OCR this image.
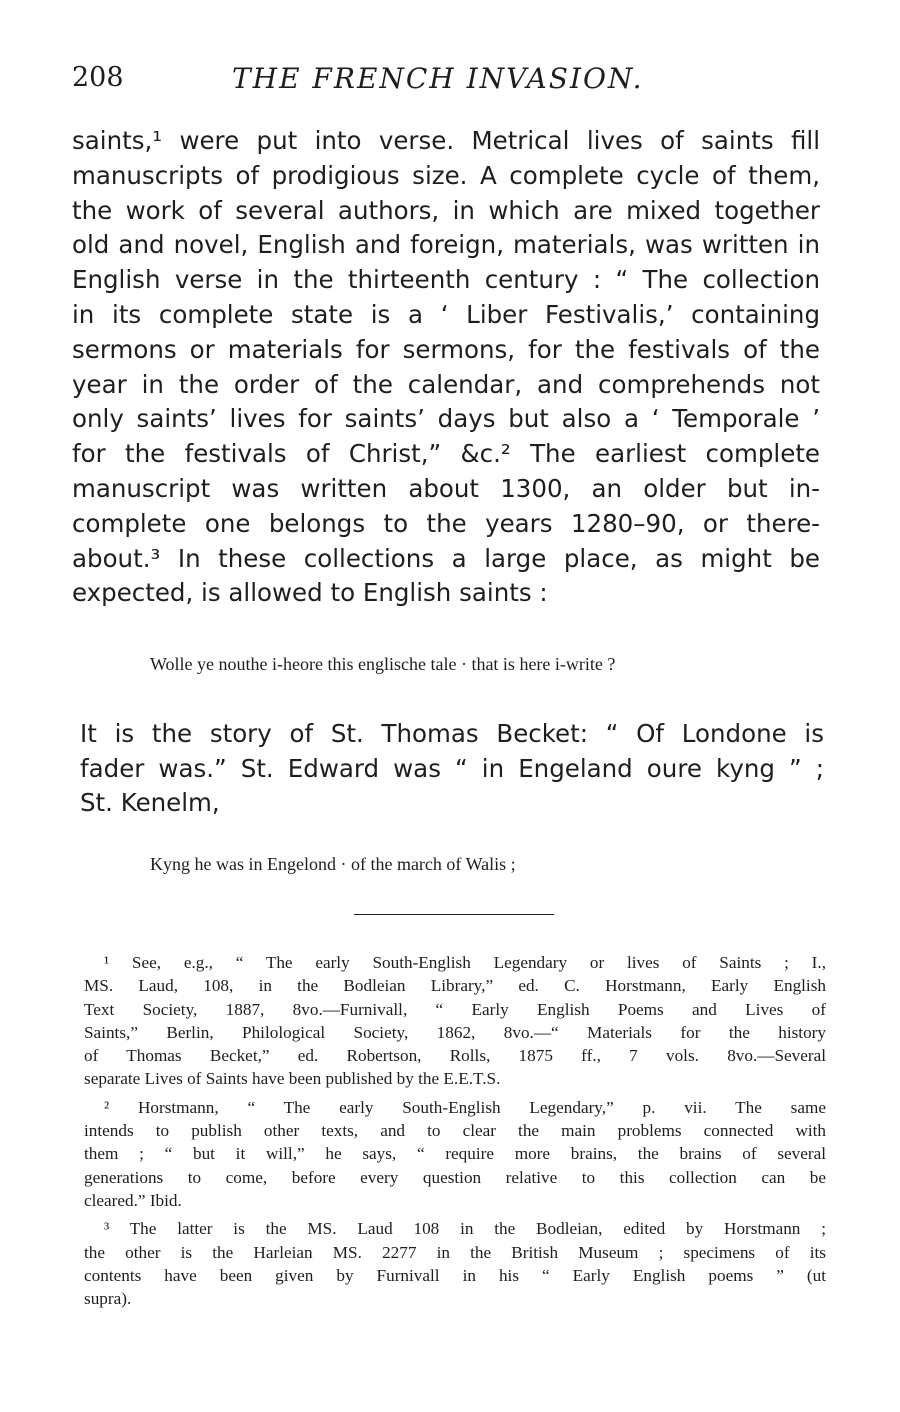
208	THE FRENCH INVASION.
saints,¹ were put into verse. Metrical lives of saints fill
manuscripts of prodigious size. A complete cycle of them,
the work of several authors, in which are mixed together
old and novel, English and foreign, materials, was written in
English verse in the thirteenth century : “ The collection
in its complete state is a ‘ Liber Festivalis,’ containing
sermons or materials for sermons, for the festivals of the
year in the order of the calendar, and comprehends not
only saints’ lives for saints’ days but also a ‘ Temporale ’
for the festivals of Christ,” &c.² The earliest complete
manuscript was written about 1300, an older but in-
complete one belongs to the years 1280–90, or there-
about.³ In these collections a large place, as might be
expected, is allowed to English saints :
Wolle ye nouthe i-heore this englische tale · that is here i-write ?
It is the story of St. Thomas Becket: “ Of Londone is
fader was.” St. Edward was “ in Engeland oure kyng ” ;
St. Kenelm,
Kyng he was in Engelond · of the march of Walis ;
¹ See, e.g., “ The early South-English Legendary or lives of Saints ; I.,
MS. Laud, 108, in the Bodleian Library,” ed. C. Horstmann, Early English
Text Society, 1887, 8vo.—Furnivall, “ Early English Poems and Lives of
Saints,” Berlin, Philological Society, 1862, 8vo.—“ Materials for the history
of Thomas Becket,” ed. Robertson, Rolls, 1875 ff., 7 vols. 8vo.—Several
separate Lives of Saints have been published by the E.E.T.S.
² Horstmann, “ The early South-English Legendary,” p. vii. The same
intends to publish other texts, and to clear the main problems connected with
them ; “ but it will,” he says, “ require more brains, the brains of several
generations to come, before every question relative to this collection can be
cleared.” Ibid.
³ The latter is the MS. Laud 108 in the Bodleian, edited by Horstmann ;
the other is the Harleian MS. 2277 in the British Museum ; specimens of its
contents have been given by Furnivall in his “ Early English poems ” (ut
supra).
